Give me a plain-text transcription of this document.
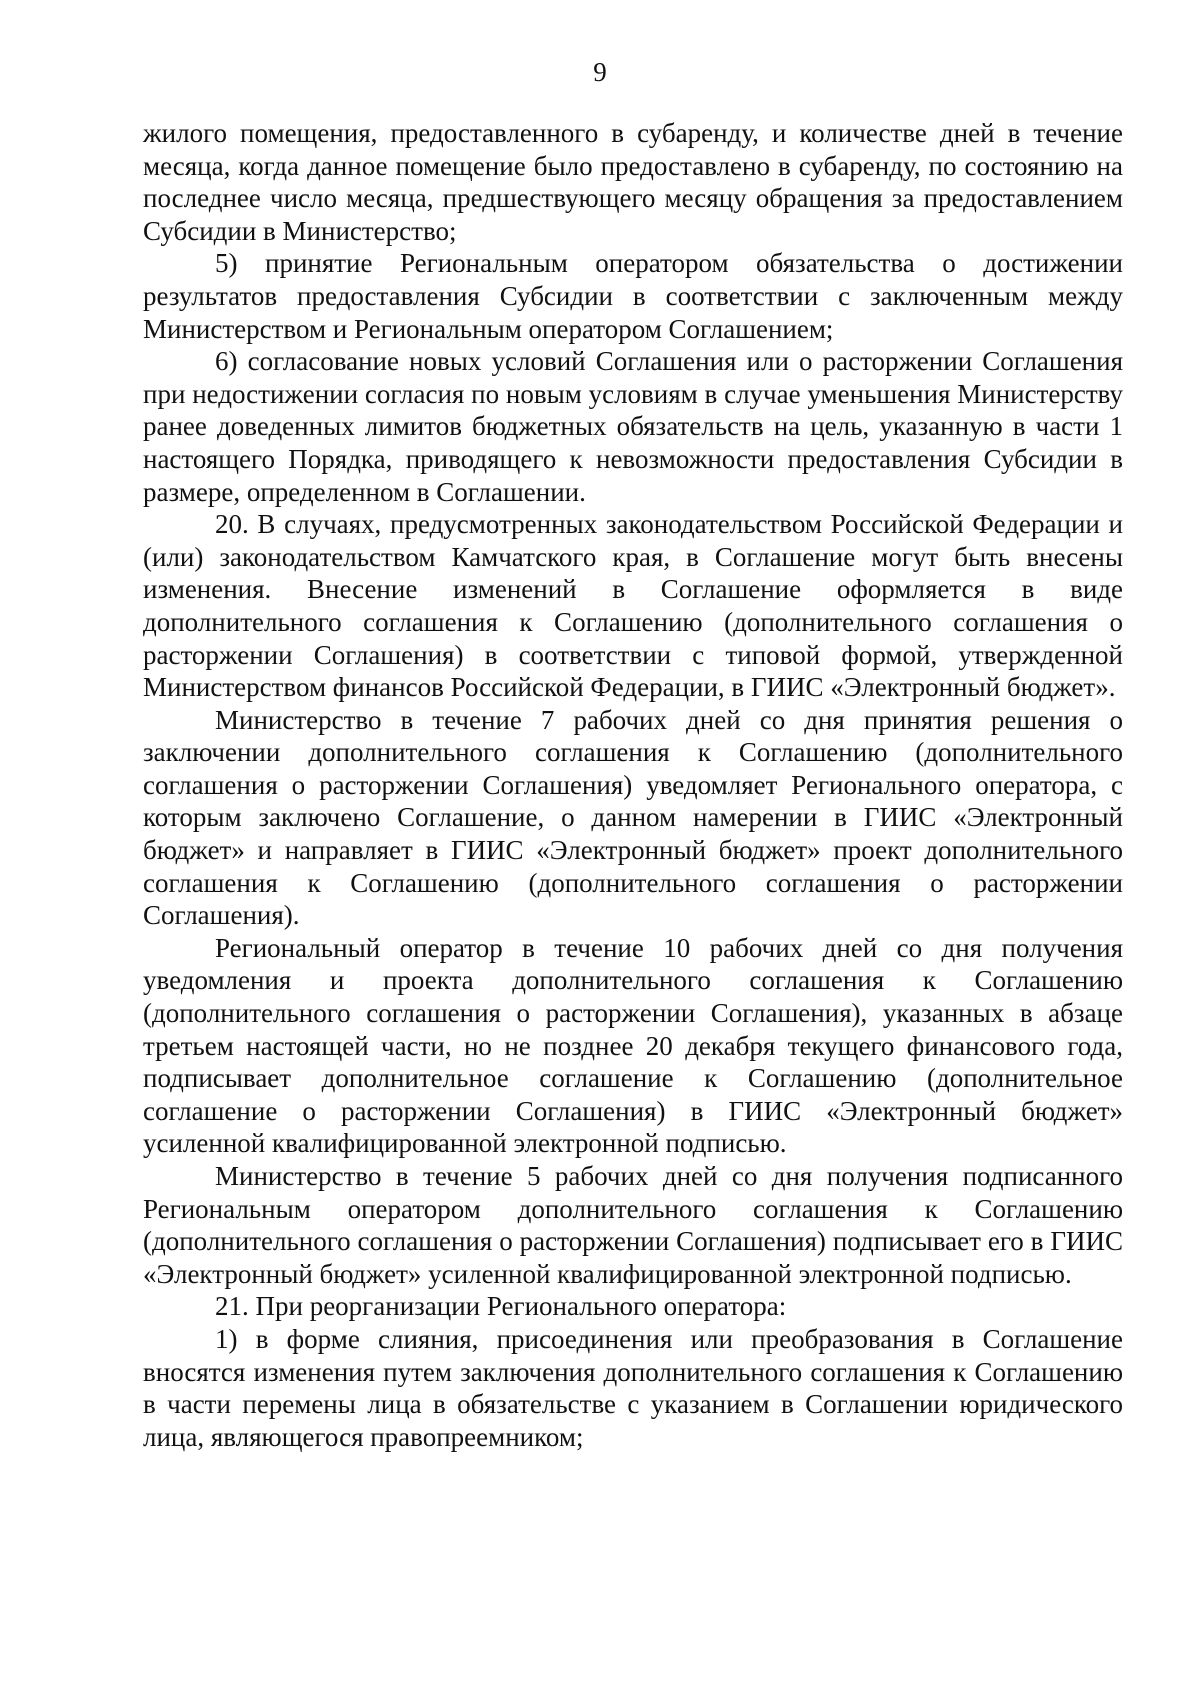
9

жилого помещения, предоставленного в субаренду, и количестве дней в течение месяца, когда данное помещение было предоставлено в субаренду, по состоянию на последнее число месяца, предшествующего месяцу обращения за предоставлением Субсидии в Министерство;

5) принятие Региональным оператором обязательства о достижении результатов предоставления Субсидии в соответствии с заключенным между Министерством и Региональным оператором Соглашением;

6) согласование новых условий Соглашения или о расторжении Соглашения при недостижении согласия по новым условиям в случае уменьшения Министерству ранее доведенных лимитов бюджетных обязательств на цель, указанную в части 1 настоящего Порядка, приводящего к невозможности предоставления Субсидии в размере, определенном в Соглашении.

20. В случаях, предусмотренных законодательством Российской Федерации и (или) законодательством Камчатского края, в Соглашение могут быть внесены изменения. Внесение изменений в Соглашение оформляется в виде дополнительного соглашения к Соглашению (дополнительного соглашения о расторжении Соглашения) в соответствии с типовой формой, утвержденной Министерством финансов Российской Федерации, в ГИИС «Электронный бюджет».

Министерство в течение 7 рабочих дней со дня принятия решения о заключении дополнительного соглашения к Соглашению (дополнительного соглашения о расторжении Соглашения) уведомляет Регионального оператора, с которым заключено Соглашение, о данном намерении в ГИИС «Электронный бюджет» и направляет в ГИИС «Электронный бюджет» проект дополнительного соглашения к Соглашению (дополнительного соглашения о расторжении Соглашения).

Региональный оператор в течение 10 рабочих дней со дня получения уведомления и проекта дополнительного соглашения к Соглашению (дополнительного соглашения о расторжении Соглашения), указанных в абзаце третьем настоящей части, но не позднее 20 декабря текущего финансового года, подписывает дополнительное соглашение к Соглашению (дополнительное соглашение о расторжении Соглашения) в ГИИС «Электронный бюджет» усиленной квалифицированной электронной подписью.

Министерство в течение 5 рабочих дней со дня получения подписанного Региональным оператором дополнительного соглашения к Соглашению (дополнительного соглашения о расторжении Соглашения) подписывает его в ГИИС «Электронный бюджет» усиленной квалифицированной электронной подписью.

21. При реорганизации Регионального оператора:

1) в форме слияния, присоединения или преобразования в Соглашение вносятся изменения путем заключения дополнительного соглашения к Соглашению в части перемены лица в обязательстве с указанием в Соглашении юридического лица, являющегося правопреемником;
